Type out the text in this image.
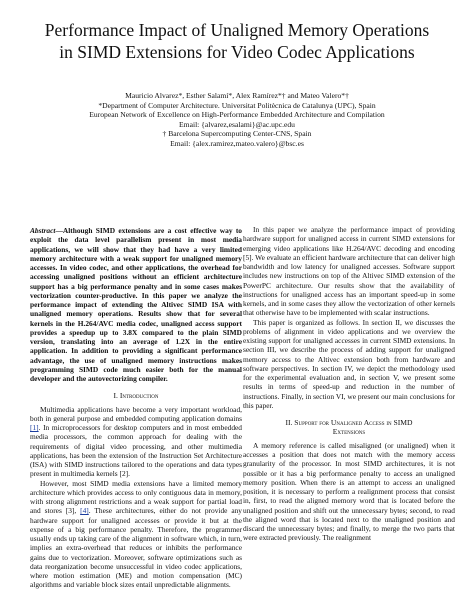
Performance Impact of Unaligned Memory Operations in SIMD Extensions for Video Codec Applications
Mauricio Alvarez*, Esther Salamí*, Alex Ramírez*† and Mateo Valero*†
*Department of Computer Architecture. Universitat Politècnica de Catalunya (UPC), Spain
European Network of Excellence on High-Performance Embedded Architecture and Compilation
Email: {alvarez,esalami}@ac.upc.edu
† Barcelona Supercomputing Center-CNS, Spain
Email: {alex.ramirez,mateo.valero}@bsc.es

Abstract—Although SIMD extensions are a cost effective way to exploit the data level parallelism present in most media applications, we will show that they had have a very limited memory architecture with a weak support for unaligned memory accesses. In video codec, and other applications, the overhead for accessing unaligned positions without an efficient architecture support has a big performance penalty and in some cases makes vectorization counter-productive. In this paper we analyze the performance impact of extending the Altivec SIMD ISA with unaligned memory operations. Results show that for several kernels in the H.264/AVC media codec, unaligned access support provides a speedup up to 3.8X compared to the plain SIMD version, translating into an average of 1.2X in the entire application. In addition to providing a significant performance advantage, the use of unaligned memory instructions makes programming SIMD code much easier both for the manual developer and the autovectorizing compiler.

I. Introduction

Multimedia applications have become a very important workload, both in general purpose and embedded computing application domains [1]. In microprocessors for desktop computers and in most embedded media processors, the common approach for dealing with the requirements of digital video processing, and other multimedia applications, has been the extension of the Instruction Set Architecture (ISA) with SIMD instructions tailored to the operations and data types present in multimedia kernels [2].

However, most SIMD media extensions have a limited memory architecture which provides access to only contiguous data in memory, with strong alignment restrictions and a weak support for partial load and stores [3], [4]. These architectures, either do not provide any hardware support for unaligned accesses or provide it but at the expense of a big performance penalty. Therefore, the programmer usually ends up taking care of the alignment in software which, in turn, implies an extra-overhead that reduces or inhibits the performance gains due to vectorization. Moreover, software optimizations such as data reorganization become unsuccessful in video codec applications, where motion estimation (ME) and motion compensation (MC) algorithms and variable block sizes entail unpredictable alignments.

In this paper we analyze the performance impact of providing hardware support for unaligned access in current SIMD extensions for emerging video applications like H.264/AVC decoding and encoding [5]. We evaluate an efficient hardware architecture that can deliver high bandwidth and low latency for unaligned accesses. Software support includes new instructions on top of the Altivec SIMD extension of the PowerPC architecture. Our results show that the availability of instructions for unaligned access has an important speed-up in some kernels, and in some cases they allow the vectorization of other kernels that otherwise have to be implemented with scalar instructions.

This paper is organized as follows. In section II, we discusses the problems of alignment in video applications and we overview the existing support for unaligned accesses in current SIMD extensions. In section III, we describe the process of adding support for unaligned memory access to the Altivec extension both from hardware and software perspectives. In section IV, we depict the methodology used for the experimental evaluation and, in section V, we present some results in terms of speed-up and reduction in the number of instructions. Finally, in section VI, we present our main conclusions for this paper.

II. Support for Unaligned Access in SIMD
Extensions

A memory reference is called misaligned (or unaligned) when it accesses a position that does not match with the memory access granularity of the processor. In most SIMD architectures, it is not possible or it has a big performance penalty to access an unaligned memory position. When there is an attempt to access an unaligned position, it is necessary to perform a realignment process that consist in, first, to read the aligned memory word that is located before the unaligned position and shift out the unnecessary bytes; second, to read the aligned word that is located next to the unaligned position and discard the unnecessary bytes; and finally, to merge the two parts that were extracted previously. The realignment
